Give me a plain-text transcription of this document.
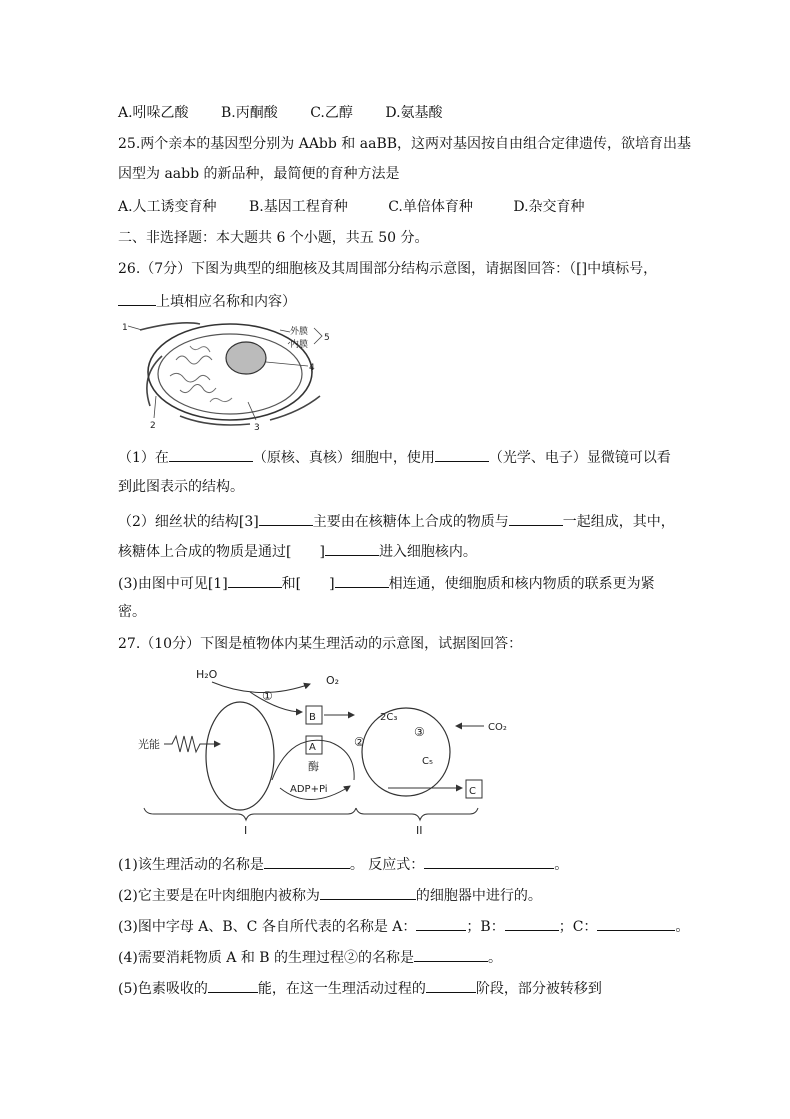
A.吲哚乙酸 B.丙酮酸 C.乙醇 D.氨基酸
25.两个亲本的基因型分别为 AAbb 和 aaBB，这两对基因按自由组合定律遗传，欲培育出基
因型为 aabb 的新品种，最简便的育种方法是
A.人工诱变育种 B.基因工程育种	C.单倍体育种	D.杂交育种
二、非选择题：本大题共 6 个小题，共五 50 分。
26.（7分）下图为典型的细胞核及其周围部分结构示意图，请据图回答：（[]中填标号，
上填相应名称和内容）
1
2	3
4
5
外膜
内膜
（1）在	（原核、真核）细胞中，使用	（光学、电子）显微镜可以看
到此图表示的结构。
（2）细丝状的结构[3]	主要由在核糖体上合成的物质与	一起组成，其中，
核糖体上合成的物质是通过[ ]	进入细胞核内。
(3)由图中可见[1]	和[ ]	相连通，使细胞质和核内物质的联系更为紧
密。
27.（10分）下图是植物体内某生理活动的示意图，试据图回答：
H₂O	O₂
①
B
光能	A
酶
ADP+Pi
②
2C₃
③
C₅
CO₂
C
I	II
(1)该生理活动的名称是	。 反应式：	。
(2)它主要是在叶肉细胞内被称为	的细胞器中进行的。
(3)图中字母 A、B、C 各自所代表的名称是 A：	；B：	；C：	。
(4)需要消耗物质 A 和 B 的生理过程②的名称是	。
(5)色素吸收的	能，在这一生理活动过程的	阶段，部分被转移到
